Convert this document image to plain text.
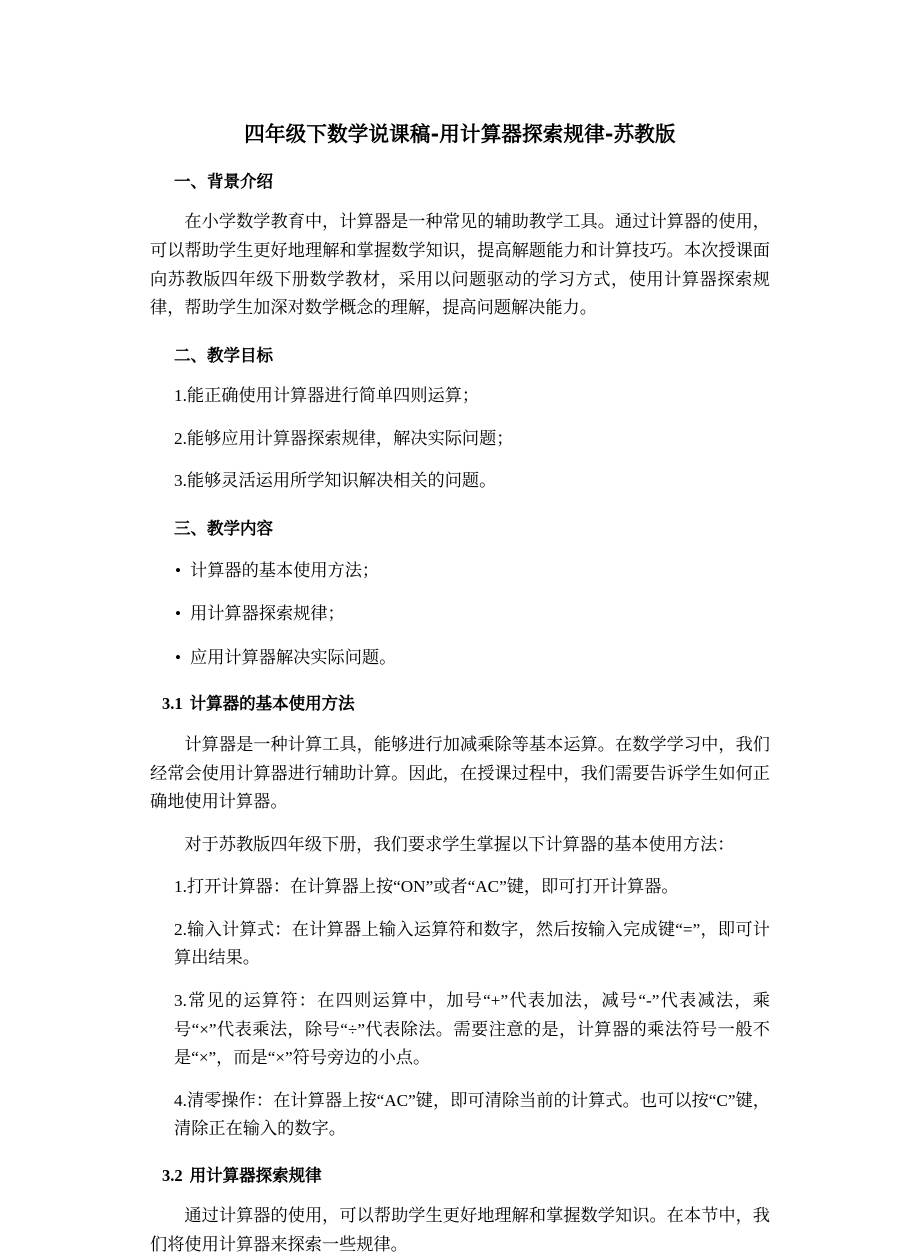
四年级下数学说课稿-用计算器探索规律-苏教版
一、背景介绍

在小学数学教育中，计算器是一种常见的辅助教学工具。通过计算器的使用，可以帮助学生更好地理解和掌握数学知识，提高解题能力和计算技巧。本次授课面向苏教版四年级下册数学教材，采用以问题驱动的学习方式，使用计算器探索规律，帮助学生加深对数学概念的理解，提高问题解决能力。

二、教学目标

1.能正确使用计算器进行简单四则运算；

2.能够应用计算器探索规律，解决实际问题；

3.能够灵活运用所学知识解决相关的问题。

三、教学内容
• 计算器的基本使用方法；
• 用计算器探索规律；
• 应用计算器解决实际问题。
3.1 计算器的基本使用方法

计算器是一种计算工具，能够进行加减乘除等基本运算。在数学学习中，我们经常会使用计算器进行辅助计算。因此，在授课过程中，我们需要告诉学生如何正确地使用计算器。

对于苏教版四年级下册，我们要求学生掌握以下计算器的基本使用方法：

1.打开计算器：在计算器上按“ON”或者“AC”键，即可打开计算器。

2.输入计算式：在计算器上输入运算符和数字，然后按输入完成键“=”，即可计算出结果。

3.常见的运算符：在四则运算中，加号“+”代表加法，减号“-”代表减法，乘号“×”代表乘法，除号“÷”代表除法。需要注意的是，计算器的乘法符号一般不是“×”，而是“×”符号旁边的小点。

4.清零操作：在计算器上按“AC”键，即可清除当前的计算式。也可以按“C”键，清除正在输入的数字。

3.2 用计算器探索规律

通过计算器的使用，可以帮助学生更好地理解和掌握数学知识。在本节中，我们将使用计算器来探索一些规律。
